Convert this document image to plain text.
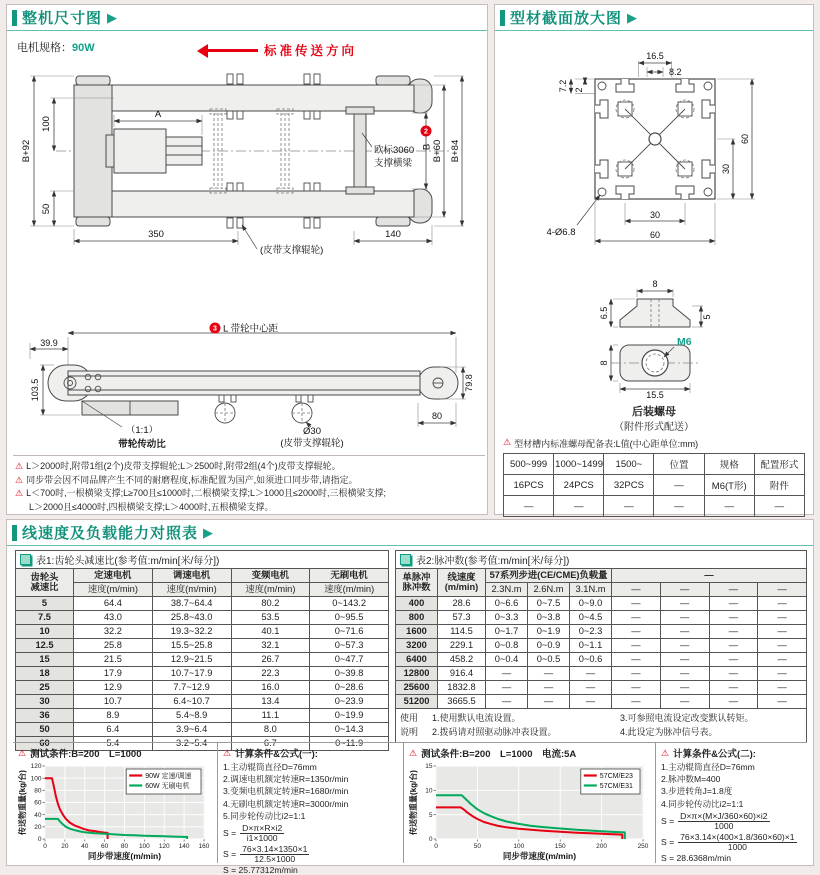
整机尺寸图 ▶
电机规格：90W	标准传送方向
B+92
100
50
A
350	140
(皮带支撑辊轮)
欧标3060
支撑横梁
2
B B+60 B+84
3 L 带轮中心距
39.9
103.5	79.8
80
Ø30
(皮带支撑辊轮)
（1:1）
带轮传动比
⚠ L＞2000时,附带1组(2个)皮带支撑辊轮;L＞2500时,附带2组(4个)皮带支撑辊轮。
⚠ 同步带会因不同品牌产生不同的耐磨程度,标准配置为国产,如须进口同步带,请指定。
⚠ L＜700时,一根横梁支撑;L≥700且≤1000时,二根横梁支撑;L＞1000且≤2000时,三根横梁支撑;
L＞2000且≤4000时,四根横梁支撑;L＞4000时,五根横梁支撑。
型材截面放大图 ▶
16.5
8.2
7.2 2
30
60
30
60
4-Ø6.8
8
6.5	5
M6
8
15.5
后装螺母
（附件形式配送）
⚠ 型材槽内标准螺母配备表:L值(中心距单位:mm)
500~999	1000~1499	1500~	位置	规格	配置形式
16PCS	24PCS	32PCS	—	M6(T形)	附件
—	—	—	—	—	—
线速度及负载能力对照表 ▶
表1:齿轮头减速比(参考值:m/min[米/每分])
齿轮头
减速比	定速电机	调速电机	变频电机	无刷电机
	速度(m/min)	速度(m/min)	速度(m/min)	速度(m/min)
5	64.4	38.7~64.4	80.2	0~143.2
7.5	43.0	25.8~43.0	53.5	0~95.5
10	32.2	19.3~32.2	40.1	0~71.6
12.5	25.8	15.5~25.8	32.1	0~57.3
15	21.5	12.9~21.5	26.7	0~47.7
18	17.9	10.7~17.9	22.3	0~39.8
25	12.9	7.7~12.9	16.0	0~28.6
30	10.7	6.4~10.7	13.4	0~23.9
36	8.9	5.4~8.9	11.1	0~19.9
50	6.4	3.9~6.4	8.0	0~14.3
60	5.4	3.2~5.4	6.7	0~11.9
表2:脉冲数(参考值:m/min[米/每分])
单脉冲
脉冲数

线速度
(m/min)
	57系列步进(CE/CME)负载量	—
		2.3N.m	2.6N.m	3.1N.m	—	—	—	—
400	28.6	0~6.6	0~7.5	0~9.0	—	—	—	—
800	57.3	0~3.3	0~3.8	0~4.5	—	—	—	—
1600	114.5	0~1.7	0~1.9	0~2.3	—	—	—	—
3200	229.1	0~0.8	0~0.9	0~1.1	—	—	—	—
6400	458.2	0~0.4	0~0.5	0~0.6	—	—	—	—
12800	916.4	—	—	—	—	—	—	—
25600	1832.8	—	—	—	—	—	—	—
51200	3665.5	—	—	—	—	—	—	—
使用
说明
1.使用默认电流设置。
2.拨码请对照驱动脉冲表设置。
3.可参照电流设定改变默认转矩。
4.此设定为脉冲信号表。
⚠ 测试条件:B=200　L=1000
0 20 40 60 80 100 120 140 160
0
20
40
60
80
100
120
90W 定速/调速
60W 无刷电机
同步带速度(m/min)
传送物重量(kg/台)
⚠ 计算条件&公式(一):
1.主动辊筒直径D=76mm
2.调速电机额定转速R=1350r/min
3.变频电机额定转速R=1680r/min
4.无刷电机额定转速R=3000r/min
5.同步轮传动比i2=1:1
$S = \frac{D\times\pi\times R\times i2}{i1\times 1000}$
$S = \frac{76\times 3.14\times 1350\times 1}{12.5\times 1000}$
S = 25.77312m/min
⚠ 测试条件:B=200　L=1000　电流:5A
0	50	100	150	200	250
0
5
10
15
57CM/E23
57CM/E31
同步带速度(m/min)
传送物重量(kg/台)
⚠ 计算条件&公式(二):
1.主动辊筒直径D=76mm
2.脉冲数M=400
3.步进转角J=1.8度
4.同步轮传动比i2=1:1
$S = \frac{D\times\pi\times(M\times J/360\times 60)\times i2}{1000}$
$S = \frac{76\times 3.14\times(400\times 1.8/360\times 60)\times 1}{1000}$
S = 28.6368m/min
